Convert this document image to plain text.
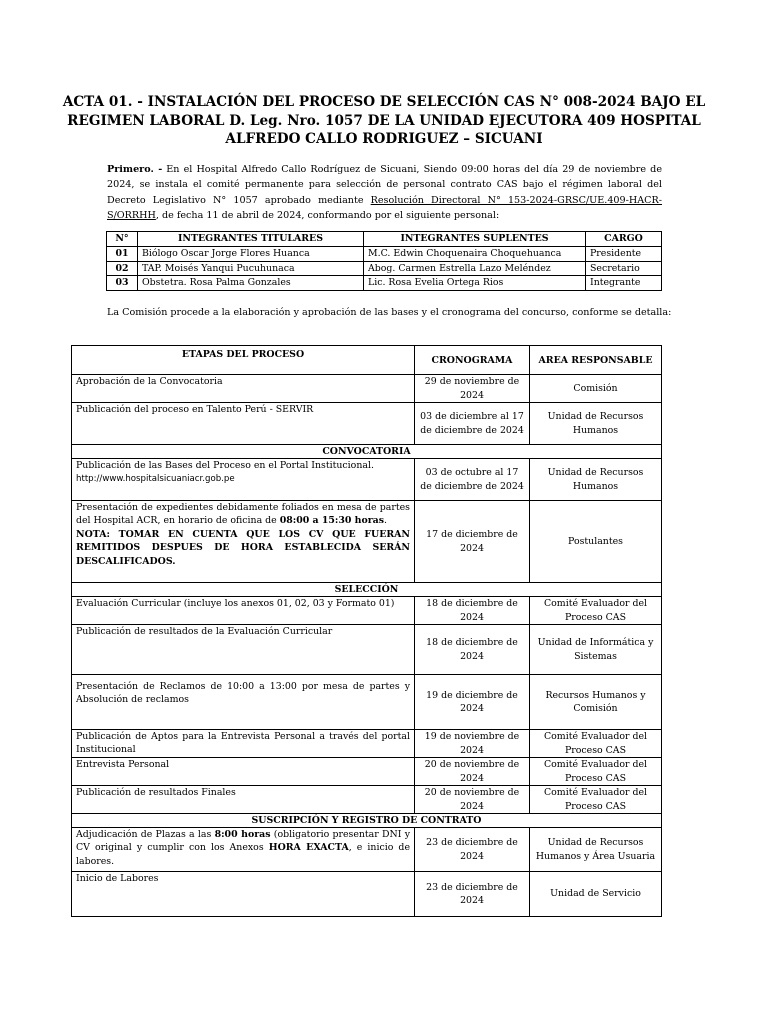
ACTA 01. - INSTALACIÓN DEL PROCESO DE SELECCIÓN CAS N° 008-2024 BAJO EL
REGIMEN LABORAL D. Leg. Nro. 1057 DE LA UNIDAD EJECUTORA 409 HOSPITAL
ALFREDO CALLO RODRIGUEZ – SICUANI
Primero. - En el Hospital Alfredo Callo Rodríguez de Sicuani, Siendo 09:00 horas del día 29 de noviembre de 2024, se instala el comité permanente para selección de personal contrato CAS bajo el régimen laboral del Decreto Legislativo N° 1057 aprobado mediante Resolución Directoral N° 153-2024-GRSC/UE.409-HACR-S/ORRHH, de fecha 11 de abril de 2024, conformando por el siguiente personal:
N°	INTEGRANTES TITULARES	INTEGRANTES SUPLENTES	CARGO
01	Biólogo Oscar Jorge Flores Huanca	M.C. Edwin Choquenaira Choquehuanca	Presidente
02	TAP. Moisés Yanqui Pucuhunaca	Abog. Carmen Estrella Lazo Meléndez	Secretario
03	Obstetra. Rosa Palma Gonzales	Lic. Rosa Evelia Ortega Rios	Integrante
La Comisión procede a la elaboración y aprobación de las bases y el cronograma del concurso, conforme se detalla:
ETAPAS DEL PROCESO	CRONOGRAMA	AREA RESPONSABLE
Aprobación de la Convocatoria	29 de noviembre de 2024	Comisión
Publicación del proceso en Talento Perú - SERVIR	03 de diciembre al 17 de diciembre de 2024	Unidad de Recursos Humanos
CONVOCATORIA		
Publicación de las Bases del Proceso en el Portal Institucional.
http://www.hospitalsicuaniacr.gob.pe	03 de octubre al 17 de diciembre de 2024	Unidad de Recursos Humanos
Presentación de expedientes debidamente foliados en mesa de partes del Hospital ACR, en horario de oficina de 08:00 a 15:30 horas.
NOTA: TOMAR EN CUENTA QUE LOS CV QUE FUERAN REMITIDOS DESPUES DE HORA ESTABLECIDA SERÁN DESCALIFICADOS.	17 de diciembre de 2024	Postulantes
SELECCIÓN		
Evaluación Curricular (incluye los anexos 01, 02, 03 y Formato 01)	18 de diciembre de 2024	Comité Evaluador del Proceso CAS
Publicación de resultados de la Evaluación Curricular	18 de diciembre de 2024	Unidad de Informática y Sistemas
Presentación de Reclamos de 10:00 a 13:00 por mesa de partes y Absolución de reclamos	19 de diciembre de 2024	Recursos Humanos y Comisión
Publicación de Aptos para la Entrevista Personal a través del portal Institucional	19 de noviembre de 2024	Comité Evaluador del Proceso CAS
Entrevista Personal	20 de noviembre de 2024	Comité Evaluador del Proceso CAS
Publicación de resultados Finales	20 de noviembre de 2024	Comité Evaluador del Proceso CAS
SUSCRIPCIÓN Y REGISTRO DE CONTRATO		
Adjudicación de Plazas a las 8:00 horas (obligatorio presentar DNI y CV original y cumplir con los Anexos HORA EXACTA, e inicio de labores.	23 de diciembre de 2024	Unidad de Recursos Humanos y Área Usuaria
Inicio de Labores	23 de diciembre de 2024	Unidad de Servicio
